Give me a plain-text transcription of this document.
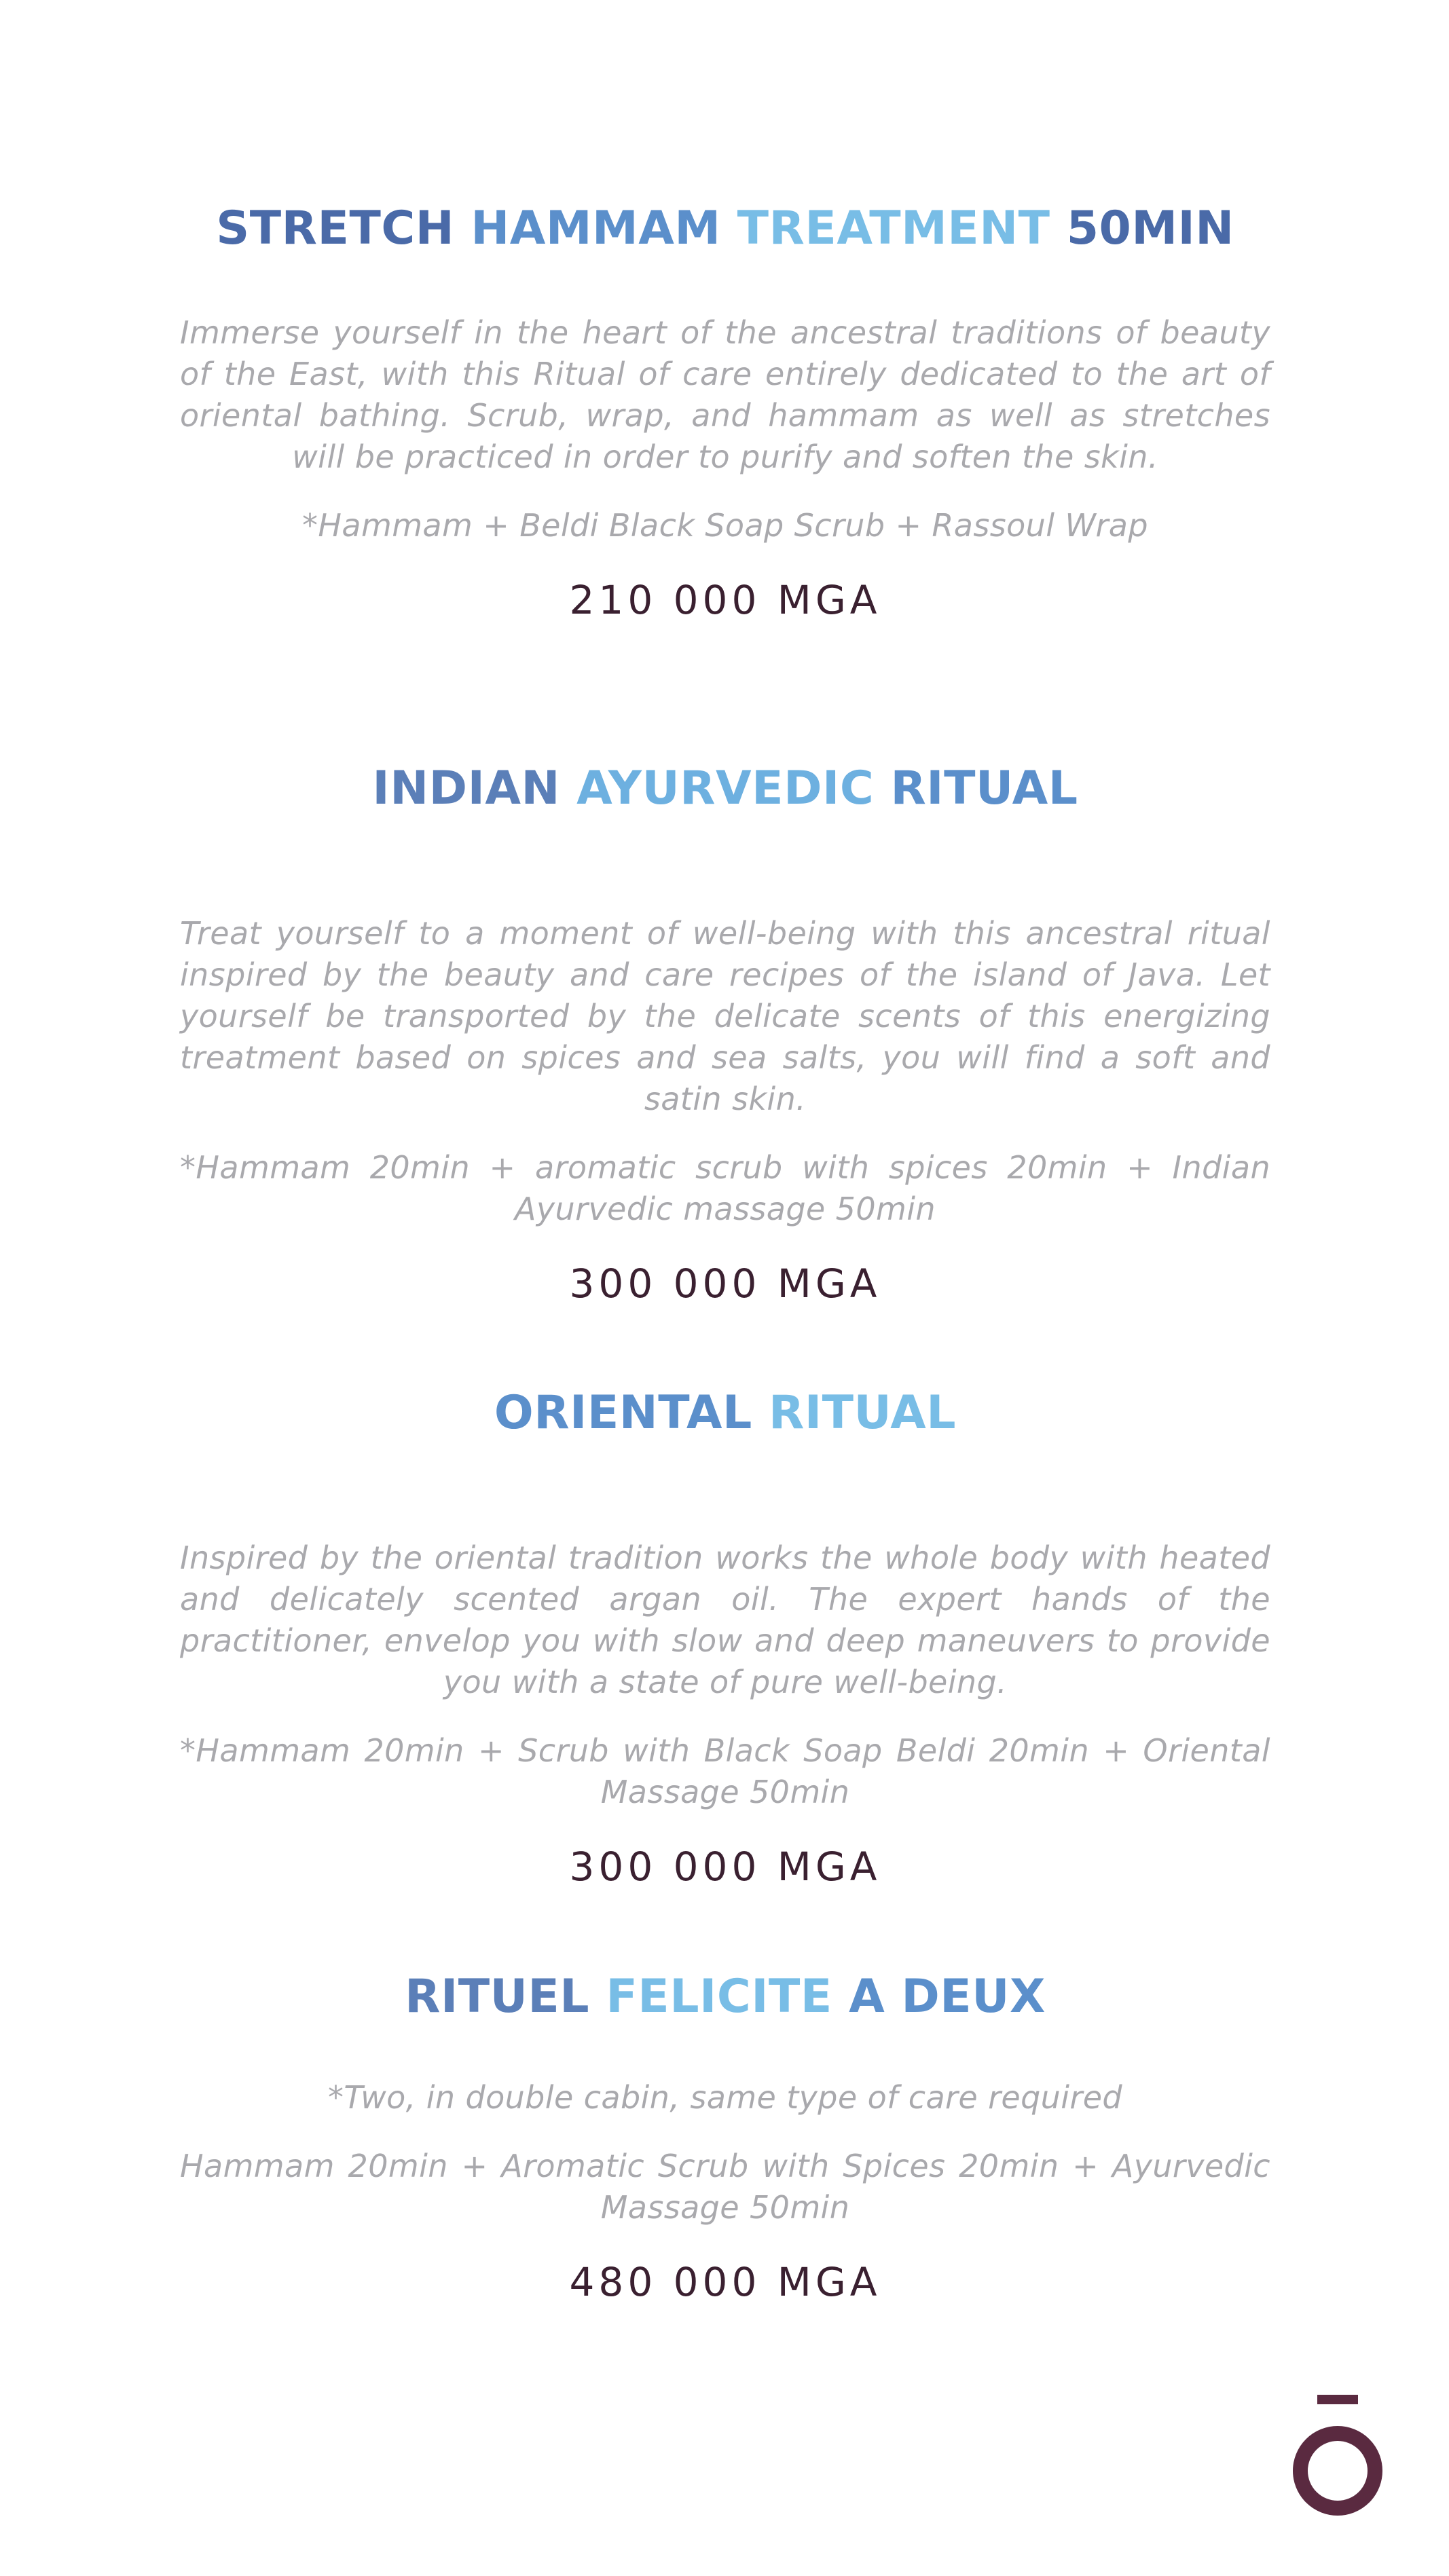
STRETCH HAMMAM TREATMENT 50MIN

Immerse yourself in the heart of the ancestral traditions of beauty of the East, with this Ritual of care entirely dedicated to the art of oriental bathing. Scrub, wrap, and hammam as well as stretches will be practiced in order to purify and soften the skin.

*Hammam + Beldi Black Soap Scrub + Rassoul Wrap

210 000 MGA

INDIAN AYURVEDIC RITUAL

Treat yourself to a moment of well-being with this ancestral ritual inspired by the beauty and care recipes of the island of Java. Let yourself be transported by the delicate scents of this energizing treatment based on spices and sea salts, you will find a soft and satin skin.

*Hammam 20min + aromatic scrub with spices 20min + Indian Ayurvedic massage 50min

300 000 MGA

ORIENTAL RITUAL

Inspired by the oriental tradition works the whole body with heated and delicately scented argan oil. The expert hands of the practitioner, envelop you with slow and deep maneuvers to provide you with a state of pure well-being.

*Hammam 20min + Scrub with Black Soap Beldi 20min + Oriental Massage 50min

300 000 MGA

RITUEL FELICITE A DEUX

*Two, in double cabin, same type of care required

Hammam 20min + Aromatic Scrub with Spices 20min + Ayurvedic Massage 50min

480 000 MGA
